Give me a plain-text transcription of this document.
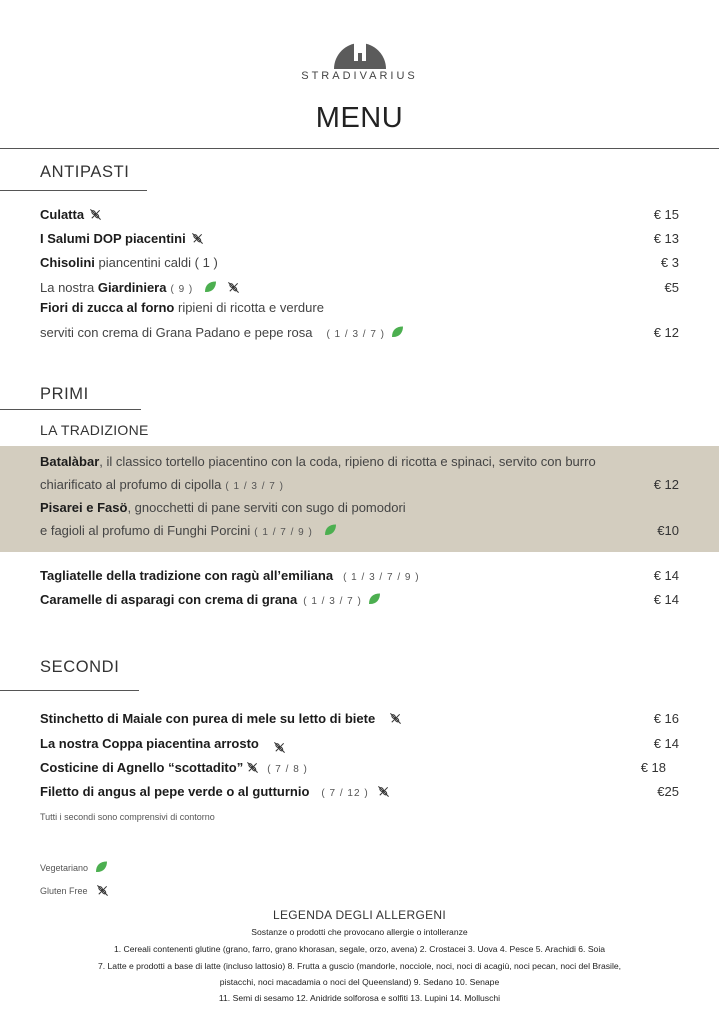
STRADIVARIUS
MENU
ANTIPASTI
Culatta	€ 15
I Salumi DOP piacentini	€ 13
Chisolini piancentini caldi ( 1 )	€ 3
La nostra Giardiniera ( 9 )	€5
Fiori di zucca al forno ripieni di ricotta e verdure
serviti con crema di Grana Padano e pepe rosa ( 1 / 3 / 7 )	€ 12
PRIMI
LA TRADIZIONE
Batalàbar, il classico tortello piacentino con la coda, ripieno di ricotta e spinaci, servito con burro
chiarificato al profumo di cipolla ( 1 / 3 / 7 )	€ 12
Pisarei e Fasö, gnocchetti di pane serviti con sugo di pomodori
e fagioli al profumo di Funghi Porcini ( 1 / 7 / 9 )	€10
Tagliatelle della tradizione con ragù all’emiliana ( 1 / 3 / 7 / 9 )	€ 14
Caramelle di asparagi con crema di grana ( 1 / 3 / 7 )	€ 14
SECONDI
Stinchetto di Maiale con purea di mele su letto di biete	€ 16
La nostra Coppa piacentina arrosto	€ 14
Costicine di Agnello “scottadito” ( 7 / 8 )	€ 18
Filetto di angus al pepe verde o al gutturnio ( 7 / 12 )	€25
Tutti i secondi sono comprensivi di contorno
Vegetariano
Gluten Free
LEGENDA DEGLI ALLERGENI
Sostanze o prodotti che provocano allergie o intolleranze
1. Cereali contenenti glutine (grano, farro, grano khorasan, segale, orzo, avena) 2. Crostacei 3. Uova 4. Pesce 5. Arachidi 6. Soia
7. Latte e prodotti a base di latte (incluso lattosio) 8. Frutta a guscio (mandorle, nocciole, noci, noci di acagiù, noci pecan, noci del Brasile,
pistacchi, noci macadamia o noci del Queensland) 9. Sedano 10. Senape
11. Semi di sesamo 12. Anidride solforosa e solfiti 13. Lupini 14. Molluschi
